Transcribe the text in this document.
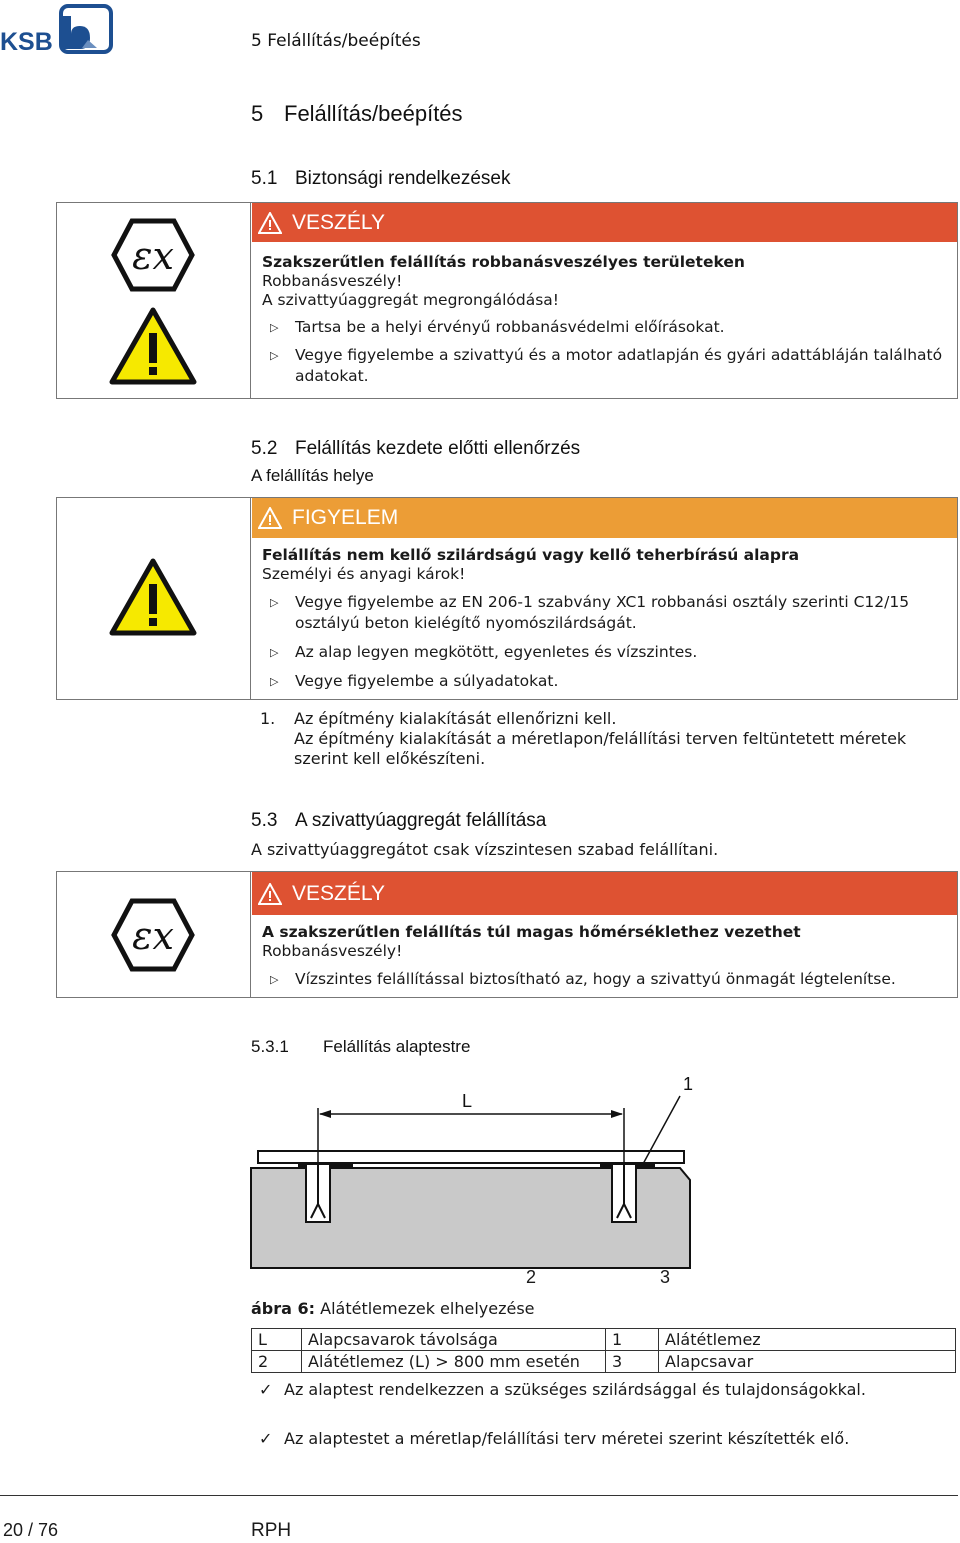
KSB	5 Felállítás/beépítés
5 Felállítás/beépítés
5.1 Biztonsági rendelkezések
εx
VESZÉLY
Szakszerűtlen felállítás robbanásveszélyes területeken
Robbanásveszély!
A szivattyúaggregát megrongálódása!
▷ Tartsa be a helyi érvényű robbanásvédelmi előírásokat.
▷ Vegye figyelembe a szivattyú és a motor adatlapján és gyári adattábláján található adatokat.
5.2 Felállítás kezdete előtti ellenőrzés
A felállítás helye
FIGYELEM
Felállítás nem kellő szilárdságú vagy kellő teherbírású alapra
Személyi és anyagi károk!
▷ Vegye figyelembe az EN 206-1 szabvány XC1 robbanási osztály szerinti C12/15 osztályú beton kielégítő nyomószilárdságát.
▷ Az alap legyen megkötött, egyenletes és vízszintes.
▷ Vegye figyelembe a súlyadatokat.
1. Az építmény kialakítását ellenőrizni kell.
Az építmény kialakítását a méretlapon/felállítási terven feltüntetett méretek szerint kell előkészíteni.
5.3 A szivattyúaggregát felállítása
A szivattyúaggregátot csak vízszintesen szabad felállítani.
εx
VESZÉLY
A szakszerűtlen felállítás túl magas hőmérséklethez vezethet
Robbanásveszély!
▷ Vízszintes felállítással biztosítható az, hogy a szivattyú önmagát légtelenítse.
5.3.1 Felállítás alaptestre
L
1
2	3
ábra 6: Alátétlemezek elhelyezése
L	Alapcsavarok távolsága	1	Alátétlemez
2	Alátétlemez (L) > 800 mm esetén	3	Alapcsavar
✓ Az alaptest rendelkezzen a szükséges szilárdsággal és tulajdonságokkal.
✓ Az alaptestet a méretlap/felállítási terv méretei szerint készítették elő.
20 / 76	RPH
